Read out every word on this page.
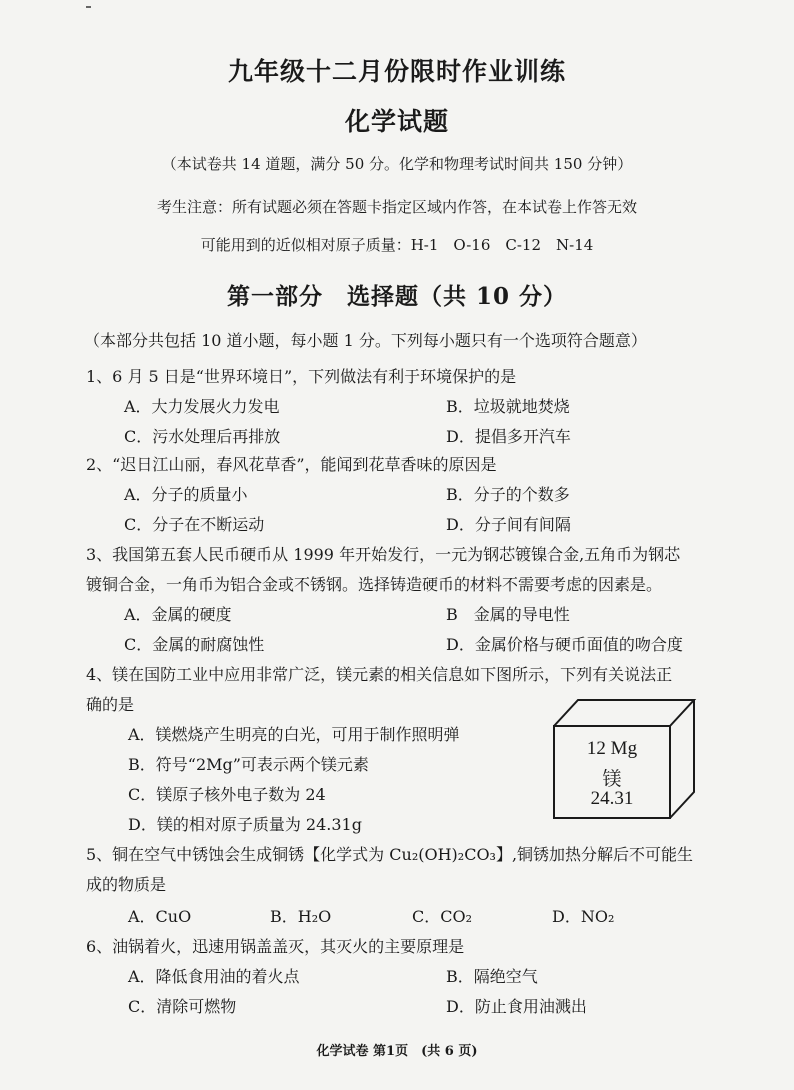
九年级十二月份限时作业训练
化学试题
（本试卷共 14 道题，满分 50 分。化学和物理考试时间共 150 分钟）
考生注意：所有试题必须在答题卡指定区域内作答，在本试卷上作答无效
可能用到的近似相对原子质量：H-1　O-16　C-12　N-14
第一部分　选择题（共 10 分）
（本部分共包括 10 道小题，每小题 1 分。下列每小题只有一个选项符合题意）
1、6 月 5 日是“世界环境日”，下列做法有利于环境保护的是
A．大力发展火力发电	B．垃圾就地焚烧
C．污水处理后再排放	D．提倡多开汽车
2、“迟日江山丽，春风花草香”，能闻到花草香味的原因是
A．分子的质量小	B．分子的个数多
C．分子在不断运动	D．分子间有间隔
3、我国第五套人民币硬币从 1999 年开始发行，一元为钢芯镀镍合金,五角币为钢芯
镀铜合金，一角币为铝合金或不锈钢。选择铸造硬币的材料不需要考虑的因素是。
A．金属的硬度	B　金属的导电性
C．金属的耐腐蚀性	D．金属价格与硬币面值的吻合度
4、镁在国防工业中应用非常广泛，镁元素的相关信息如下图所示，下列有关说法正
确的是
A．镁燃烧产生明亮的白光，可用于制作照明弹
B．符号“2Mg”可表示两个镁元素
C．镁原子核外电子数为 24
D．镁的相对原子质量为 24.31g
12 Mg
镁
24.31
5、铜在空气中锈蚀会生成铜锈【化学式为 Cu₂(OH)₂CO₃】,铜锈加热分解后不可能生
成的物质是
A．CuO	B．H₂O	C．CO₂	D．NO₂
6、油锅着火，迅速用锅盖盖灭，其灭火的主要原理是
A．降低食用油的着火点	B．隔绝空气
C．清除可燃物	D．防止食用油溅出
化学试卷 第1页　(共 6 页)
